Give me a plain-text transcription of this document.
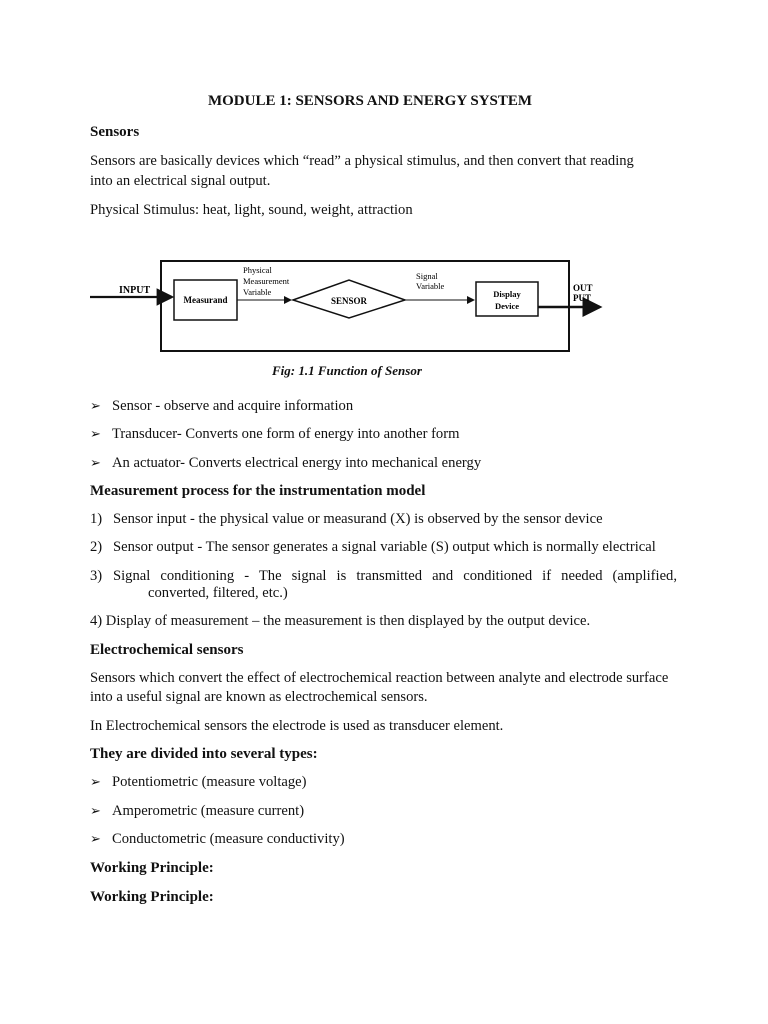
MODULE 1: SENSORS AND ENERGY SYSTEM
Sensors
Sensors are basically devices which “read” a physical stimulus, and then convert that reading
into an electrical signal output.
Physical Stimulus: heat, light, sound, weight, attraction
INPUT
Measurand
Physical
Measurement
Variable
SENSOR
Signal
Variable
Display
Device
OUT
PUT
Fig: 1.1 Function of Sensor
➢ Sensor - observe and acquire information
➢ Transducer- Converts one form of energy into another form
➢ An actuator- Converts electrical energy into mechanical energy
Measurement process for the instrumentation model
1) Sensor input - the physical value or measurand (X) is observed by the sensor device
2) Sensor output - The sensor generates a signal variable (S) output which is normally electrical
3) Signal conditioning - The signal is transmitted and conditioned if needed (amplified,
converted, filtered, etc.)
4) Display of measurement – the measurement is then displayed by the output device.
Electrochemical sensors
Sensors which convert the effect of electrochemical reaction between analyte and electrode surface
into a useful signal are known as electrochemical sensors.
In Electrochemical sensors the electrode is used as transducer element.
They are divided into several types:
➢ Potentiometric (measure voltage)
➢ Amperometric (measure current)
➢ Conductometric (measure conductivity)
Working Principle:
Working Principle:
